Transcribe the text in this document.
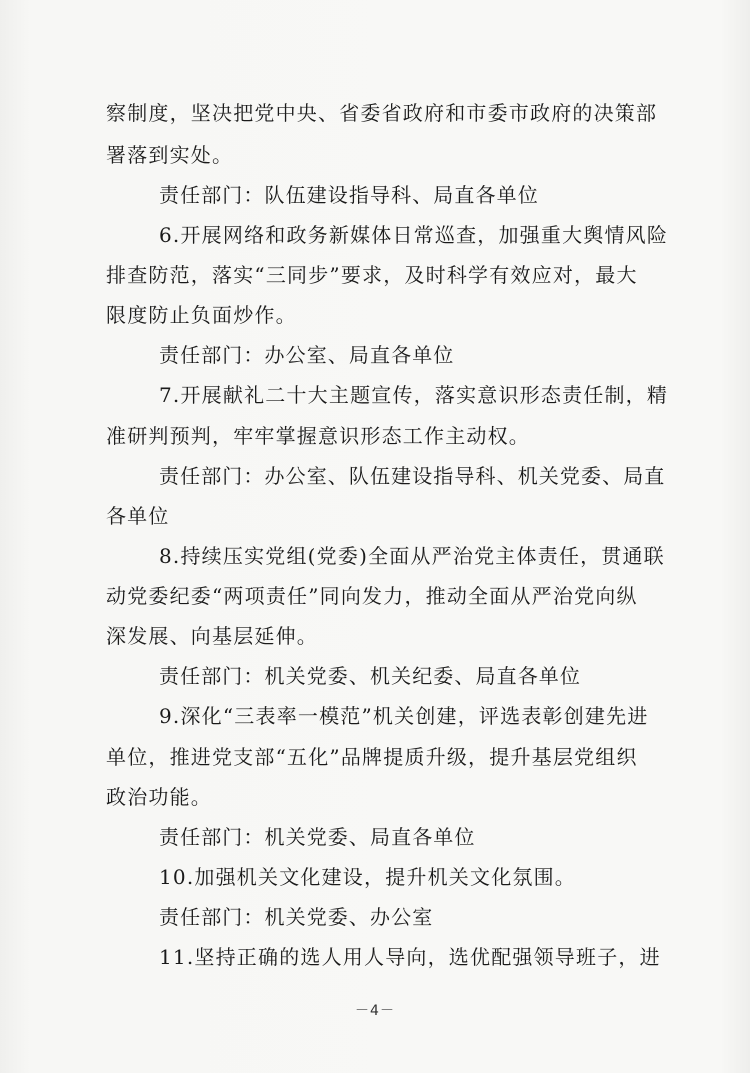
察制度，坚决把党中央、省委省政府和市委市政府的决策部
署落到实处。
责任部门：队伍建设指导科、局直各单位
6.开展网络和政务新媒体日常巡查，加强重大舆情风险
排查防范，落实“三同步”要求，及时科学有效应对，最大
限度防止负面炒作。
责任部门：办公室、局直各单位
7.开展献礼二十大主题宣传，落实意识形态责任制，精
准研判预判，牢牢掌握意识形态工作主动权。
责任部门：办公室、队伍建设指导科、机关党委、局直
各单位
8.持续压实党组(党委)全面从严治党主体责任，贯通联
动党委纪委“两项责任”同向发力，推动全面从严治党向纵
深发展、向基层延伸。
责任部门：机关党委、机关纪委、局直各单位
9.深化“三表率一模范”机关创建，评选表彰创建先进
单位，推进党支部“五化”品牌提质升级，提升基层党组织
政治功能。
责任部门：机关党委、局直各单位
10.加强机关文化建设，提升机关文化氛围。
责任部门：机关党委、办公室
11.坚持正确的选人用人导向，选优配强领导班子，进
－4－
